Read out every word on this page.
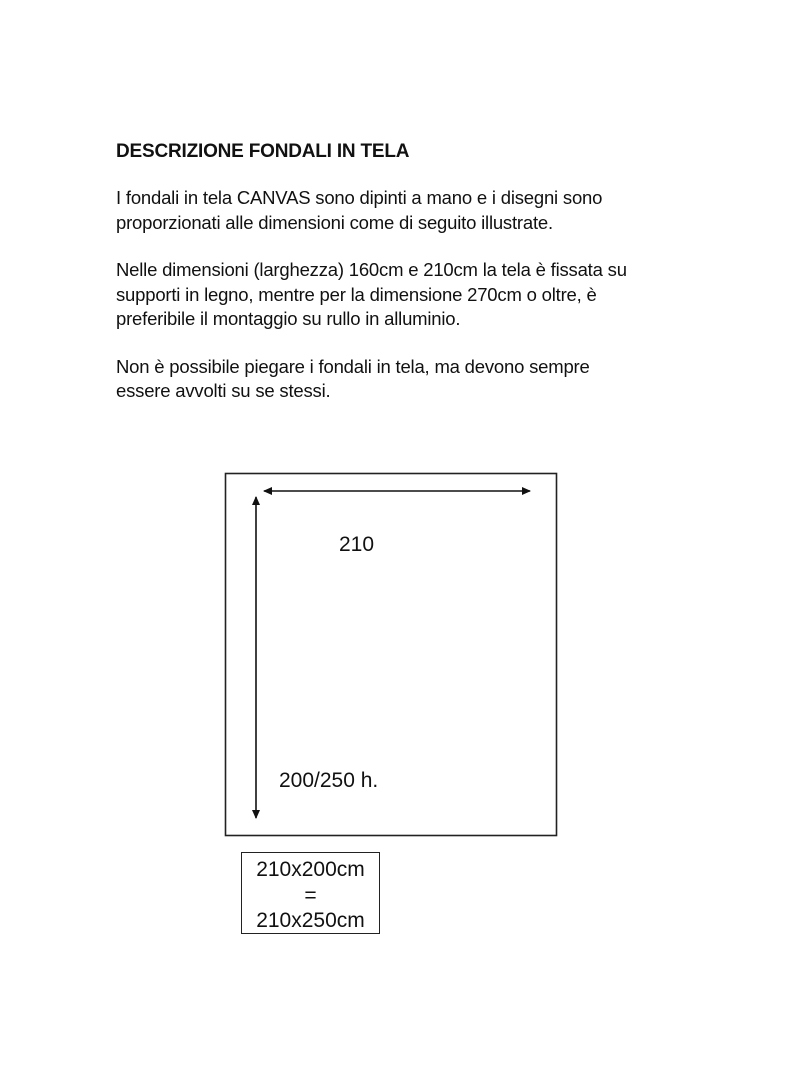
DESCRIZIONE FONDALI IN TELA

I fondali in tela CANVAS sono dipinti a mano e i disegni sono
proporzionati alle dimensioni come di seguito illustrate.

Nelle dimensioni (larghezza) 160cm e 210cm la tela è fissata su
supporti in legno, mentre per la dimensione 270cm o oltre, è
preferibile il montaggio su rullo in alluminio.

Non è possibile piegare i fondali in tela, ma devono sempre
essere avvolti su se stessi.

210
200/250 h.
210x200cm
=
210x250cm
